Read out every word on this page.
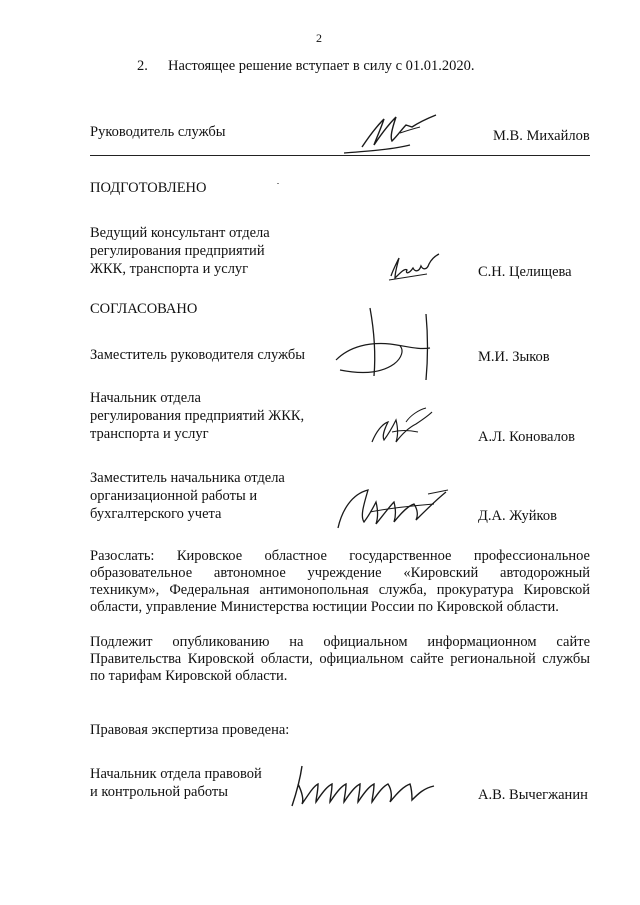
2
2. Настоящее решение вступает в силу с 01.01.2020.
Руководитель службы	М.В. Михайлов
ПОДГОТОВЛЕНО
Ведущий консультант отдела
регулирования предприятий
ЖКК, транспорта и услуг	С.Н. Целищева
СОГЛАСОВАНО
Заместитель руководителя службы	М.И. Зыков
Начальник отдела
регулирования предприятий ЖКК,
транспорта и услуг	А.Л. Коновалов
Заместитель начальника отдела
организационной работы и
бухгалтерского учета	Д.А. Жуйков
Разослать: Кировское областное государственное профессиональное образовательное автономное учреждение «Кировский автодорожный техникум», Федеральная антимонопольная служба, прокуратура Кировской области, управление Министерства юстиции России по Кировской области.
Подлежит опубликованию на официальном информационном сайте Правительства Кировской области, официальном сайте региональной службы по тарифам Кировской области.
Правовая экспертиза проведена:
Начальник отдела правовой
и контрольной работы	А.В. Вычегжанин
